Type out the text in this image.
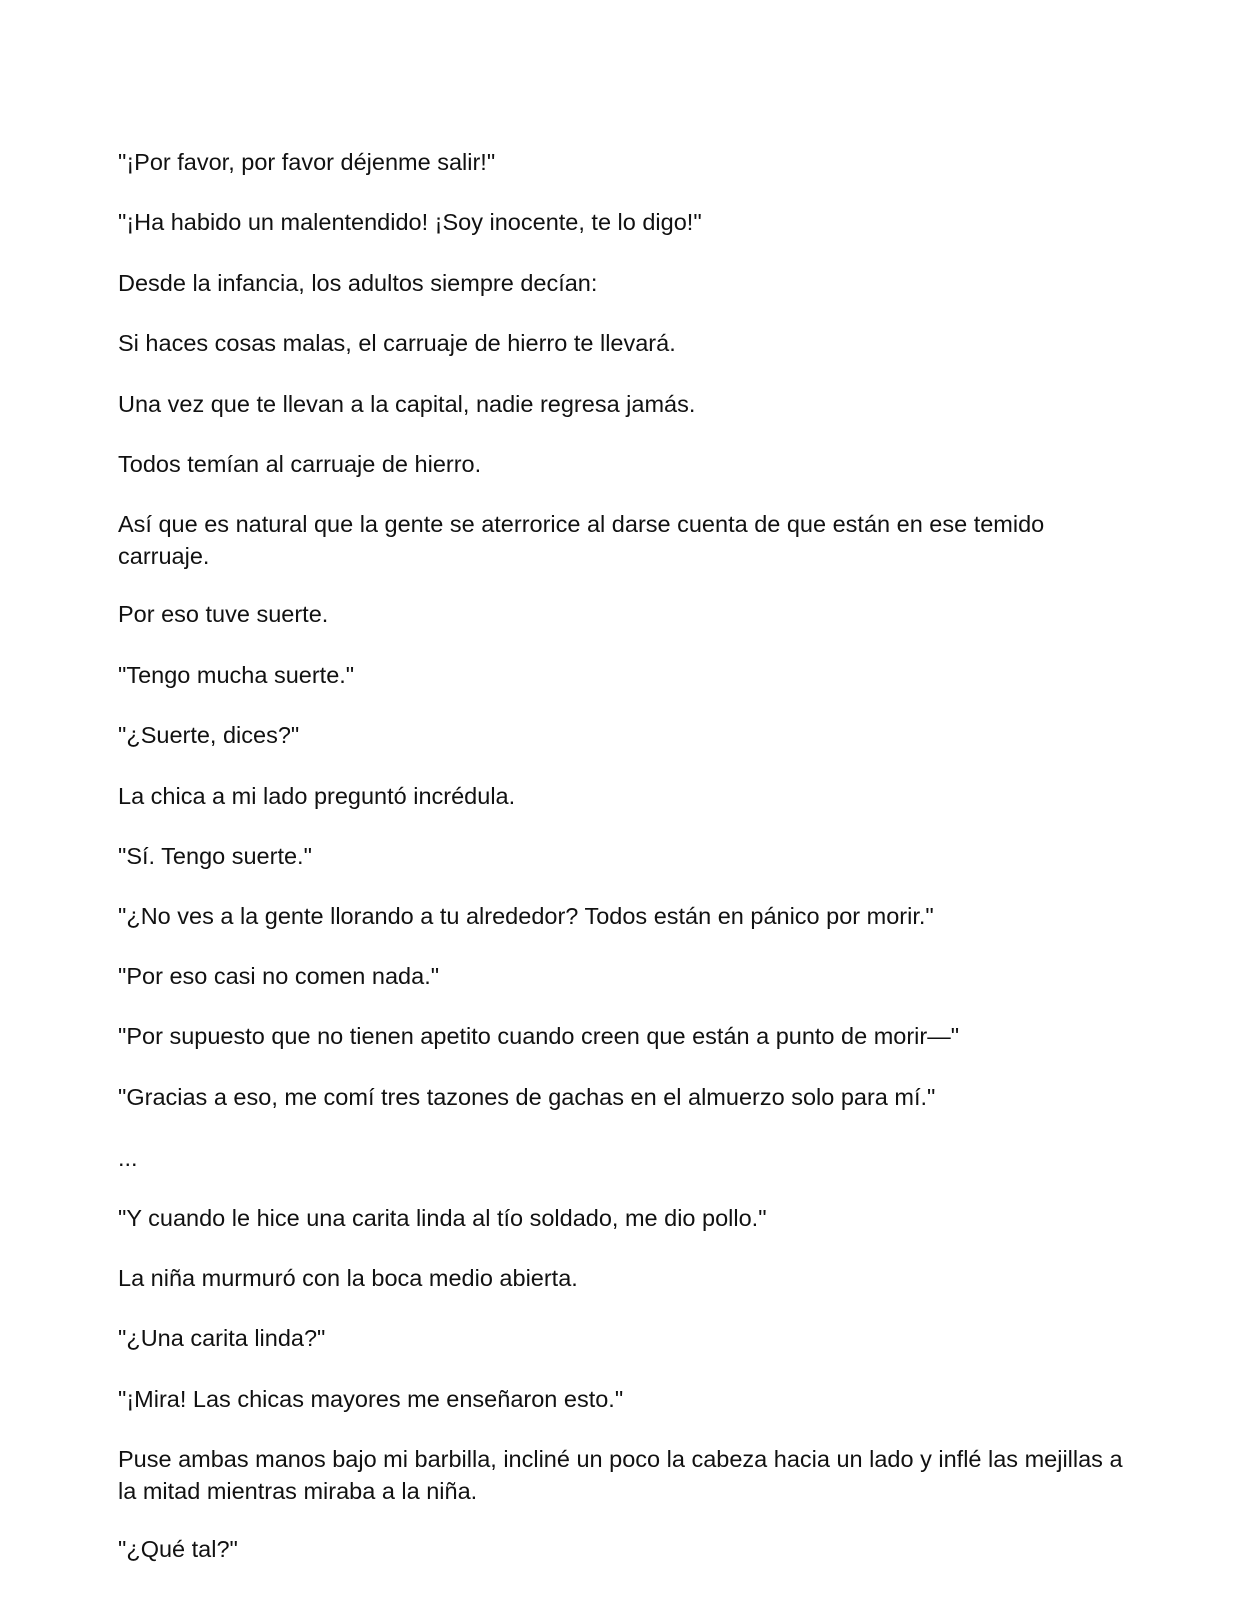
"¡Por favor, por favor déjenme salir!"

"¡Ha habido un malentendido! ¡Soy inocente, te lo digo!"

Desde la infancia, los adultos siempre decían:

Si haces cosas malas, el carruaje de hierro te llevará.

Una vez que te llevan a la capital, nadie regresa jamás.

Todos temían al carruaje de hierro.

Así que es natural que la gente se aterrorice al darse cuenta de que están en ese temido carruaje.

Por eso tuve suerte.

"Tengo mucha suerte."

"¿Suerte, dices?"

La chica a mi lado preguntó incrédula.

"Sí. Tengo suerte."

"¿No ves a la gente llorando a tu alrededor? Todos están en pánico por morir."

"Por eso casi no comen nada."

"Por supuesto que no tienen apetito cuando creen que están a punto de morir—"

"Gracias a eso, me comí tres tazones de gachas en el almuerzo solo para mí."

...

"Y cuando le hice una carita linda al tío soldado, me dio pollo."

La niña murmuró con la boca medio abierta.

"¿Una carita linda?"

"¡Mira! Las chicas mayores me enseñaron esto."

Puse ambas manos bajo mi barbilla, incliné un poco la cabeza hacia un lado y inflé las mejillas a la mitad mientras miraba a la niña.

"¿Qué tal?"
